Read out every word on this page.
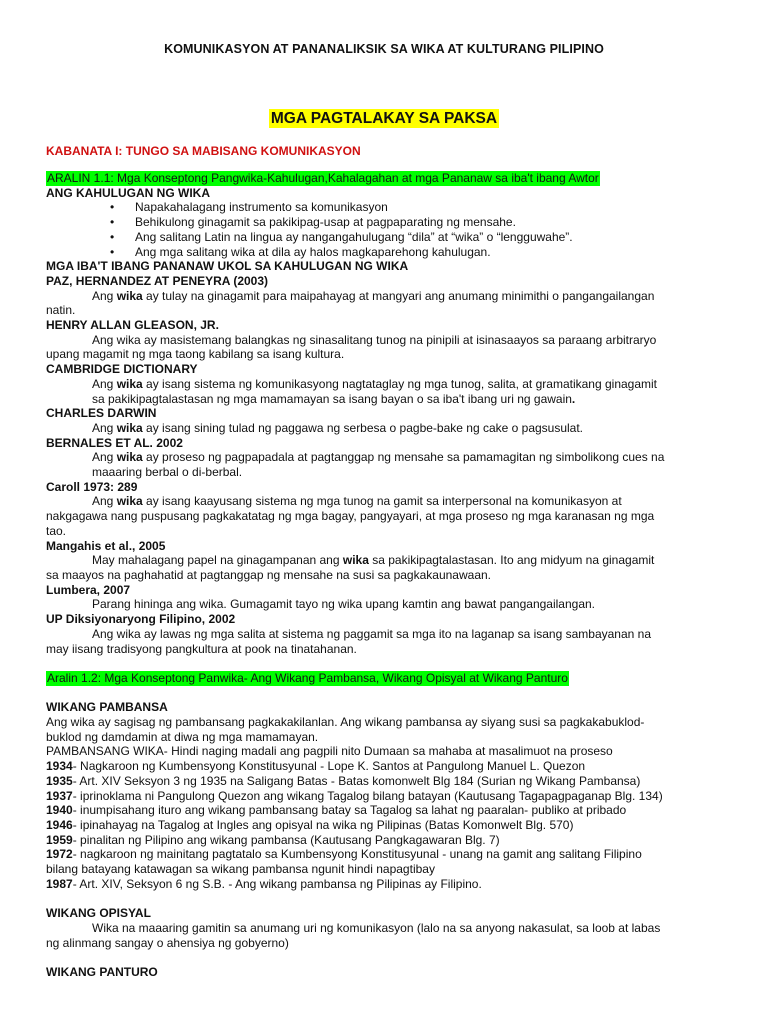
KOMUNIKASYON AT PANANALIKSIK SA WIKA AT KULTURANG PILIPINO
MGA PAGTALAKAY SA PAKSA
KABANATA I: TUNGO SA MABISANG KOMUNIKASYON
ARALIN 1.1: Mga Konseptong Pangwika-Kahulugan,Kahalagahan at mga Pananaw sa iba't ibang Awtor
ANG KAHULUGAN NG WIKA
• Napakahalagang instrumento sa komunikasyon
• Behikulong ginagamit sa pakikipag-usap at pagpaparating ng mensahe.
• Ang salitang Latin na lingua ay nangangahulugang “dila” at “wika” o “lengguwahe”.
• Ang mga salitang wika at dila ay halos magkaparehong kahulugan.
MGA IBA'T IBANG PANANAW UKOL SA KAHULUGAN NG WIKA
PAZ, HERNANDEZ AT PENEYRA (2003)
Ang wika ay tulay na ginagamit para maipahayag at mangyari ang anumang minimithi o pangangailangan
natin.
HENRY ALLAN GLEASON, JR.
Ang wika ay masistemang balangkas ng sinasalitang tunog na pinipili at isinasaayos sa paraang arbitraryo
upang magamit ng mga taong kabilang sa isang kultura.
CAMBRIDGE DICTIONARY
Ang wika ay isang sistema ng komunikasyong nagtataglay ng mga tunog, salita, at gramatikang ginagamit
sa pakikipagtalastasan ng mga mamamayan sa isang bayan o sa iba't ibang uri ng gawain.
CHARLES DARWIN
Ang wika ay isang sining tulad ng paggawa ng serbesa o pagbe-bake ng cake o pagsusulat.
BERNALES ET AL. 2002
Ang wika ay proseso ng pagpapadala at pagtanggap ng mensahe sa pamamagitan ng simbolikong cues na
maaaring berbal o di-berbal.
Caroll 1973: 289
Ang wika ay isang kaayusang sistema ng mga tunog na gamit sa interpersonal na komunikasyon at
nakgagawa nang puspusang pagkakatatag ng mga bagay, pangyayari, at mga proseso ng mga karanasan ng mga
tao.
Mangahis et al., 2005
May mahalagang papel na ginagampanan ang wika sa pakikipagtalastasan. Ito ang midyum na ginagamit
sa maayos na paghahatid at pagtanggap ng mensahe na susi sa pagkakaunawaan.
Lumbera, 2007
Parang hininga ang wika. Gumagamit tayo ng wika upang kamtin ang bawat pangangailangan.
UP Diksiyonaryong Filipino, 2002
Ang wika ay lawas ng mga salita at sistema ng paggamit sa mga ito na laganap sa isang sambayanan na
may iisang tradisyong pangkultura at pook na tinatahanan.
Aralin 1.2: Mga Konseptong Panwika- Ang Wikang Pambansa, Wikang Opisyal at Wikang Panturo
WIKANG PAMBANSA
Ang wika ay sagisag ng pambansang pagkakakilanlan. Ang wikang pambansa ay siyang susi sa pagkakabuklod-
buklod ng damdamin at diwa ng mga mamamayan.
PAMBANSANG WIKA- Hindi naging madali ang pagpili nito Dumaan sa mahaba at masalimuot na proseso
1934- Nagkaroon ng Kumbensyong Konstitusyunal - Lope K. Santos at Pangulong Manuel L. Quezon
1935- Art. XIV Seksyon 3 ng 1935 na Saligang Batas - Batas komonwelt Blg 184 (Surian ng Wikang Pambansa)
1937- iprinoklama ni Pangulong Quezon ang wikang Tagalog bilang batayan (Kautusang Tagapagpaganap Blg. 134)
1940- inumpisahang ituro ang wikang pambansang batay sa Tagalog sa lahat ng paaralan- publiko at pribado
1946- ipinahayag na Tagalog at Ingles ang opisyal na wika ng Pilipinas (Batas Komonwelt Blg. 570)
1959- pinalitan ng Pilipino ang wikang pambansa (Kautusang Pangkagawaran Blg. 7)
1972- nagkaroon ng mainitang pagtatalo sa Kumbensyong Konstitusyunal - unang na gamit ang salitang Filipino
bilang batayang katawagan sa wikang pambansa ngunit hindi napagtibay
1987- Art. XIV, Seksyon 6 ng S.B. - Ang wikang pambansa ng Pilipinas ay Filipino.
WIKANG OPISYAL
Wika na maaaring gamitin sa anumang uri ng komunikasyon (lalo na sa anyong nakasulat, sa loob at labas
ng alinmang sangay o ahensiya ng gobyerno)
WIKANG PANTURO
